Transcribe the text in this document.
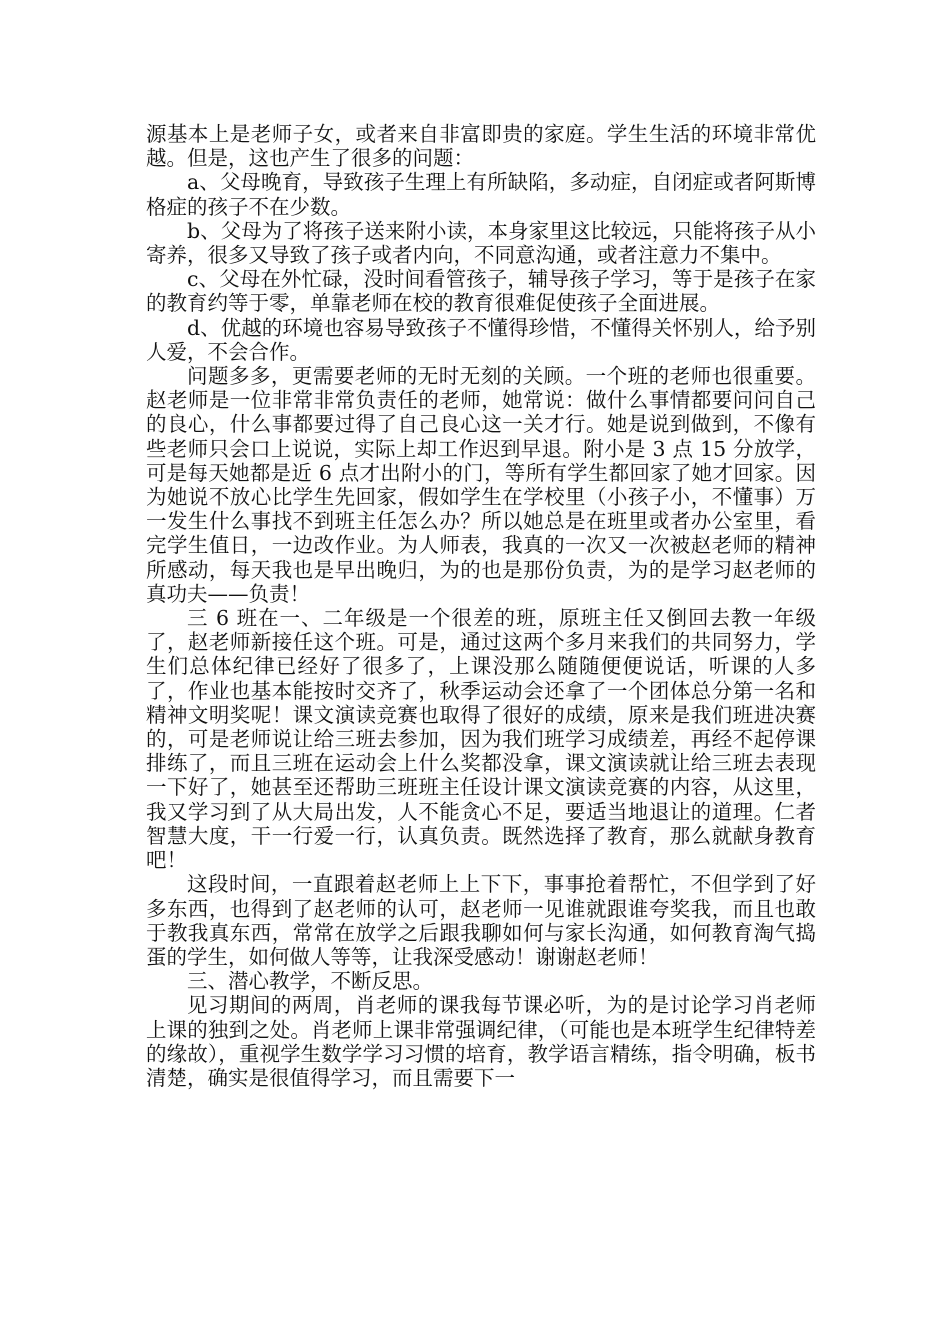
源基本上是老师子女，或者来自非富即贵的家庭。学生生活的环境非常优越。但是，这也产生了很多的问题：

a、父母晚育，导致孩子生理上有所缺陷，多动症，自闭症或者阿斯博格症的孩子不在少数。

b、父母为了将孩子送来附小读，本身家里这比较远，只能将孩子从小寄养，很多又导致了孩子或者内向，不同意沟通，或者注意力不集中。

c、父母在外忙碌，没时间看管孩子，辅导孩子学习，等于是孩子在家的教育约等于零，单靠老师在校的教育很难促使孩子全面进展。

d、优越的环境也容易导致孩子不懂得珍惜，不懂得关怀别人，给予别人爱，不会合作。

问题多多，更需要老师的无时无刻的关顾。一个班的老师也很重要。赵老师是一位非常非常负责任的老师，她常说：做什么事情都要问问自己的良心，什么事都要过得了自己良心这一关才行。她是说到做到，不像有些老师只会口上说说，实际上却工作迟到早退。附小是 3 点 15 分放学，可是每天她都是近 6 点才出附小的门，等所有学生都回家了她才回家。因为她说不放心比学生先回家，假如学生在学校里（小孩子小，不懂事）万一发生什么事找不到班主任怎么办？所以她总是在班里或者办公室里，看完学生值日，一边改作业。为人师表，我真的一次又一次被赵老师的精神所感动，每天我也是早出晚归，为的也是那份负责，为的是学习赵老师的真功夫——负责！

三 6 班在一、二年级是一个很差的班，原班主任又倒回去教一年级了，赵老师新接任这个班。可是，通过这两个多月来我们的共同努力，学生们总体纪律已经好了很多了，上课没那么随随便便说话，听课的人多了，作业也基本能按时交齐了，秋季运动会还拿了一个团体总分第一名和精神文明奖呢！课文演读竞赛也取得了很好的成绩，原来是我们班进决赛的，可是老师说让给三班去参加，因为我们班学习成绩差，再经不起停课排练了，而且三班在运动会上什么奖都没拿，课文演读就让给三班去表现一下好了，她甚至还帮助三班班主任设计课文演读竞赛的内容，从这里，我又学习到了从大局出发，人不能贪心不足，要适当地退让的道理。仁者智慧大度，干一行爱一行，认真负责。既然选择了教育，那么就献身教育吧！

这段时间，一直跟着赵老师上上下下，事事抢着帮忙，不但学到了好多东西，也得到了赵老师的认可，赵老师一见谁就跟谁夸奖我，而且也敢于教我真东西，常常在放学之后跟我聊如何与家长沟通，如何教育淘气捣蛋的学生，如何做人等等，让我深受感动！谢谢赵老师！

三、潜心教学，不断反思。

见习期间的两周，肖老师的课我每节课必听，为的是讨论学习肖老师上课的独到之处。肖老师上课非常强调纪律，（可能也是本班学生纪律特差的缘故），重视学生数学学习习惯的培育，教学语言精练，指令明确，板书清楚，确实是很值得学习，而且需要下一
